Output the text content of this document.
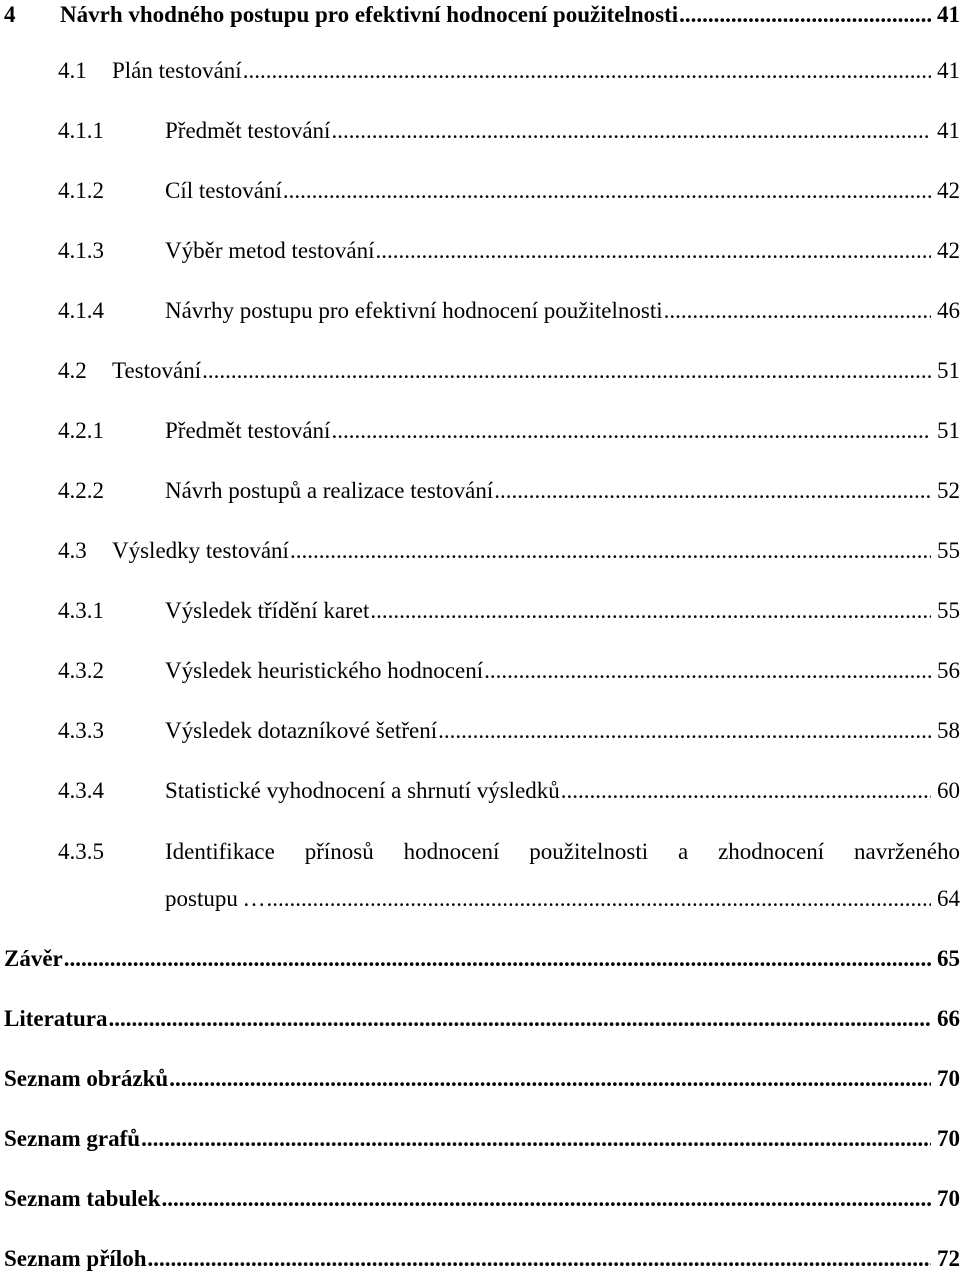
4 Návrh vhodného postupu pro efektivní hodnocení použitelnosti .....	41
4.1 Plán testování .....	41
4.1.1	Předmět testování .....	41
4.1.2	Cíl testování .....	42
4.1.3	Výběr metod testování .....	42
4.1.4	Návrhy postupu pro efektivní hodnocení použitelnosti .....	46
4.2 Testování .....	51
4.2.1	Předmět testování .....	51
4.2.2	Návrh postupů a realizace testování .....	52
4.3 Výsledky testování .....	55
4.3.1	Výsledek třídění karet .....	55
4.3.2	Výsledek heuristického hodnocení .....	56
4.3.3	Výsledek dotazníkové šetření .....	58
4.3.4	Statistické vyhodnocení a shrnutí výsledků .....	60
4.3.5	Identifikace přínosů hodnocení použitelnosti a zhodnocení navrženého
postupu … .....	64
Závěr .....	65
Literatura .....	66
Seznam obrázků .....	70
Seznam grafů .....	70
Seznam tabulek .....	70
Seznam příloh .....	72
